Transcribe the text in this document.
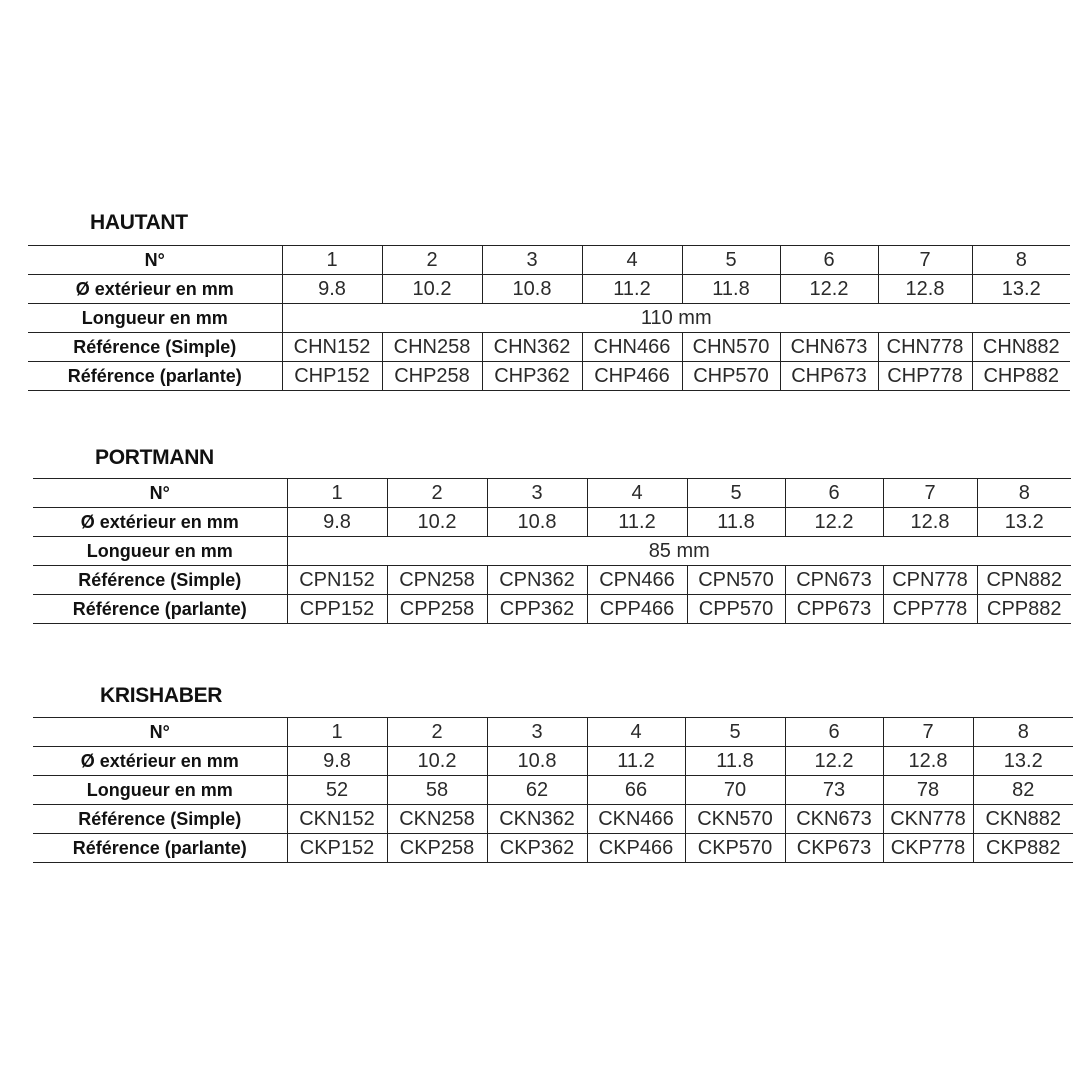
HAUTANT
N°	1	2	3	4	5	6	7	8
Ø extérieur en mm	9.8	10.2	10.8	11.2	11.8	12.2	12.8	13.2
Longueur en mm	110 mm							
Référence (Simple)	CHN152	CHN258	CHN362	CHN466	CHN570	CHN673	CHN778	CHN882
Référence (parlante)	CHP152	CHP258	CHP362	CHP466	CHP570	CHP673	CHP778	CHP882
PORTMANN
N°	1	2	3	4	5	6	7	8
Ø extérieur en mm	9.8	10.2	10.8	11.2	11.8	12.2	12.8	13.2
Longueur en mm	85 mm							
Référence (Simple)	CPN152	CPN258	CPN362	CPN466	CPN570	CPN673	CPN778	CPN882
Référence (parlante)	CPP152	CPP258	CPP362	CPP466	CPP570	CPP673	CPP778	CPP882
KRISHABER
N°	1	2	3	4	5	6	7	8
Ø extérieur en mm	9.8	10.2	10.8	11.2	11.8	12.2	12.8	13.2
Longueur en mm	52	58	62	66	70	73	78	82
Référence (Simple)	CKN152	CKN258	CKN362	CKN466	CKN570	CKN673	CKN778	CKN882
Référence (parlante)	CKP152	CKP258	CKP362	CKP466	CKP570	CKP673	CKP778	CKP882
